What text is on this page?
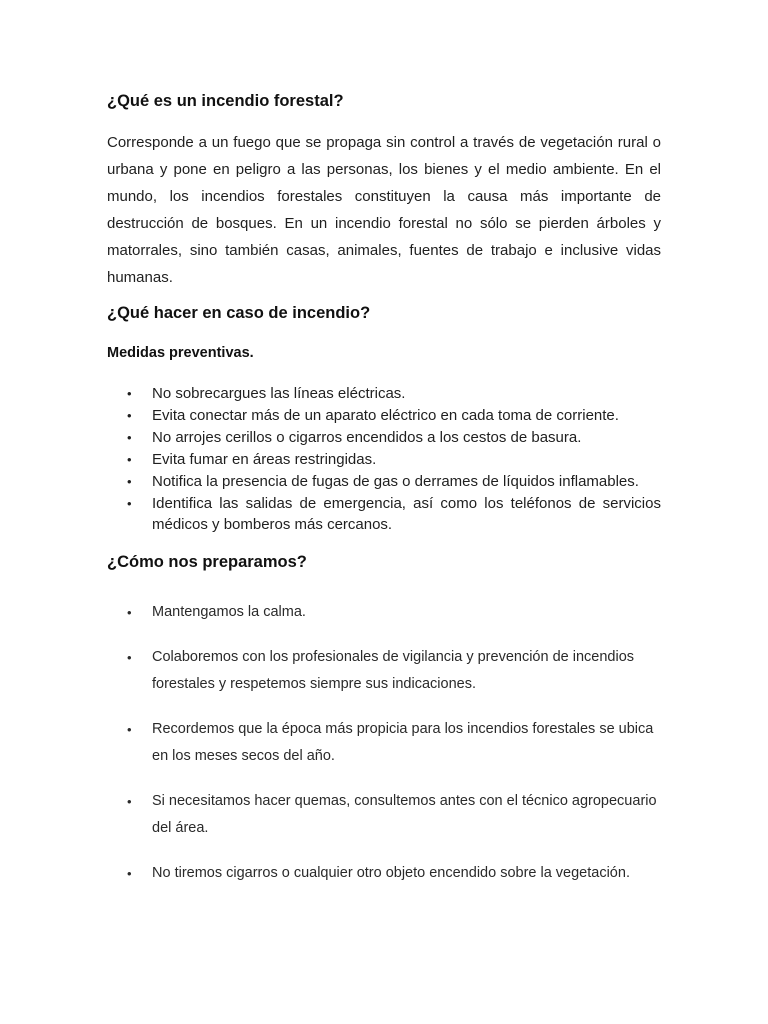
¿Qué es un incendio forestal?

Corresponde a un fuego que se propaga sin control a través de vegetación rural o urbana y pone en peligro a las personas, los bienes y el medio ambiente. En el mundo, los incendios forestales constituyen la causa más importante de destrucción de bosques. En un incendio forestal no sólo se pierden árboles y matorrales, sino también casas, animales, fuentes de trabajo e inclusive vidas humanas.

¿Qué hacer en caso de incendio?

Medidas preventivas.

• No sobrecargues las líneas eléctricas.
• Evita conectar más de un aparato eléctrico en cada toma de corriente.
• No arrojes cerillos o cigarros encendidos a los cestos de basura.
• Evita fumar en áreas restringidas.
• Notifica la presencia de fugas de gas o derrames de líquidos inflamables.
• Identifica las salidas de emergencia, así como los teléfonos de servicios médicos y bomberos más cercanos.
¿Cómo nos preparamos?
• Mantengamos la calma.
• Colaboremos con los profesionales de vigilancia y prevención de incendios forestales y respetemos siempre sus indicaciones.
• Recordemos que la época más propicia para los incendios forestales se ubica en los meses secos del año.
• Si necesitamos hacer quemas, consultemos antes con el técnico agropecuario del área.
• No tiremos cigarros o cualquier otro objeto encendido sobre la vegetación.
